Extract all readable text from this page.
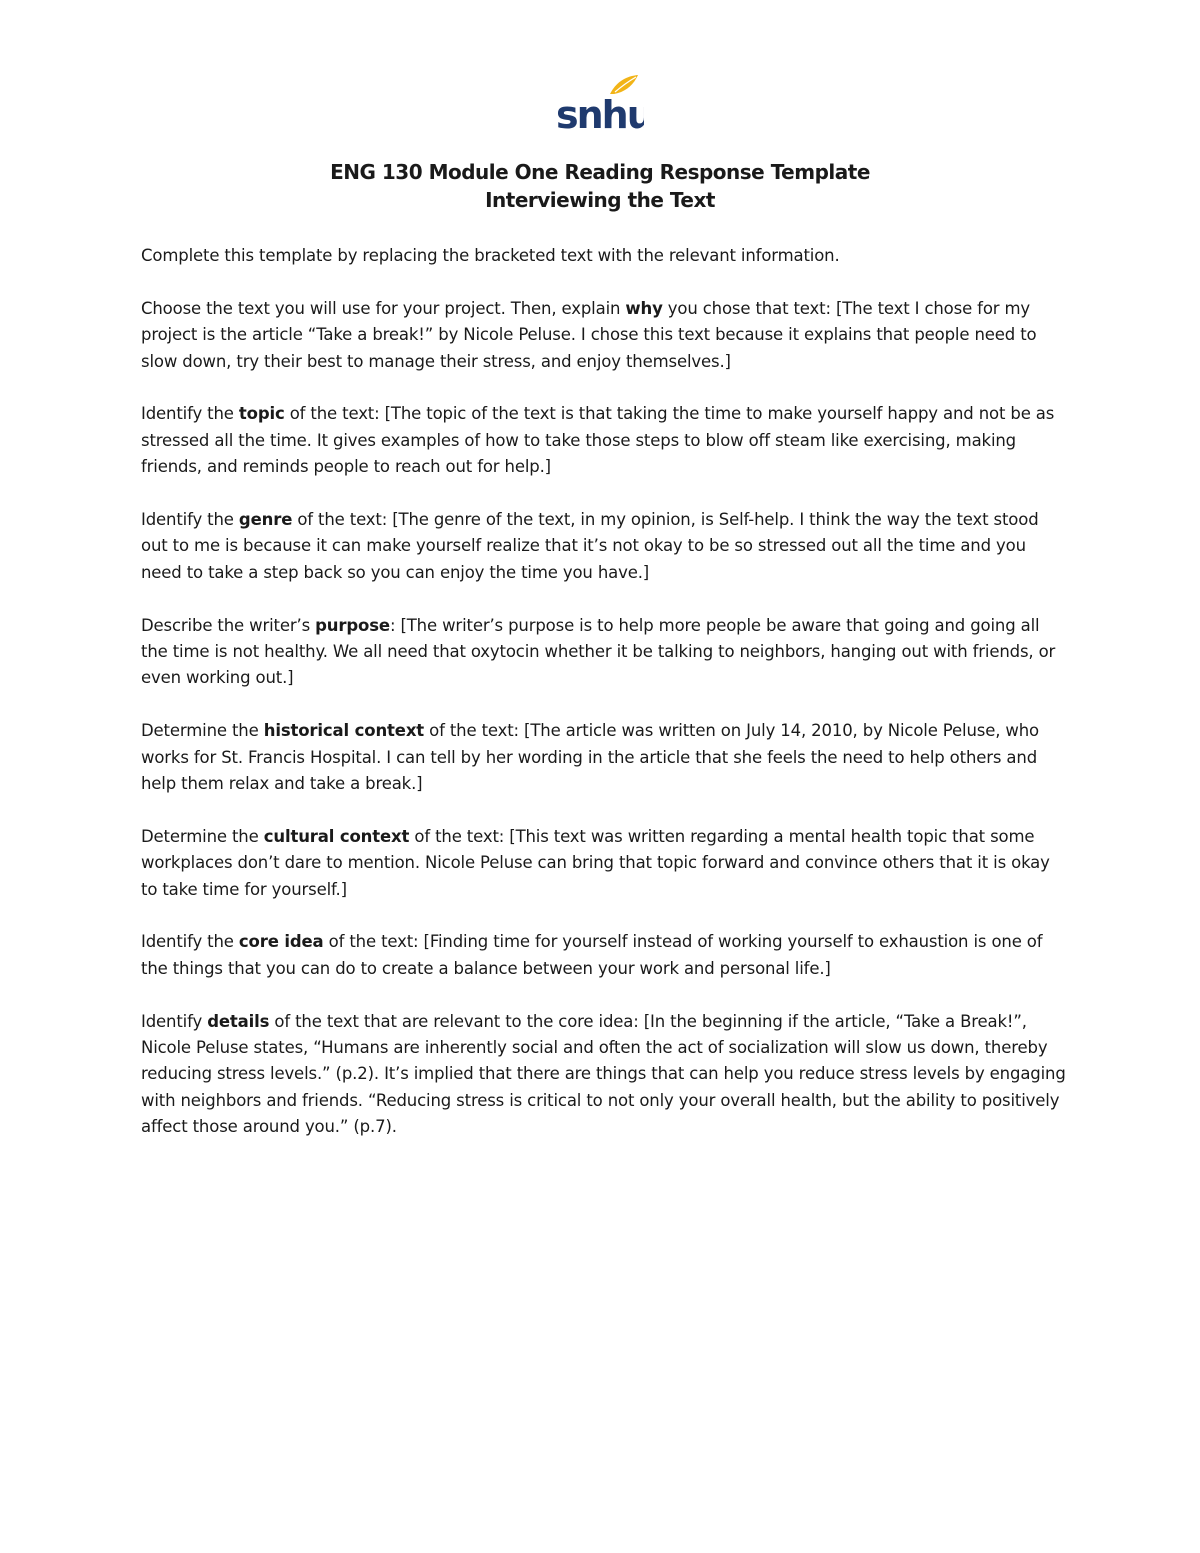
snhu
ENG 130 Module One Reading Response Template
Interviewing the Text

Complete this template by replacing the bracketed text with the relevant information.

Choose the text you will use for your project. Then, explain why you chose that text: [The text I chose for my project is the article “Take a break!” by Nicole Peluse. I chose this text because it explains that people need to slow down, try their best to manage their stress, and enjoy themselves.]

Identify the topic of the text: [The topic of the text is that taking the time to make yourself happy and not be as stressed all the time. It gives examples of how to take those steps to blow off steam like exercising, making friends, and reminds people to reach out for help.]

Identify the genre of the text: [The genre of the text, in my opinion, is Self-help. I think the way the text stood out to me is because it can make yourself realize that it’s not okay to be so stressed out all the time and you need to take a step back so you can enjoy the time you have.]

Describe the writer’s purpose: [The writer’s purpose is to help more people be aware that going and going all the time is not healthy. We all need that oxytocin whether it be talking to neighbors, hanging out with friends, or even working out.]

Determine the historical context of the text: [The article was written on July 14, 2010, by Nicole Peluse, who works for St. Francis Hospital. I can tell by her wording in the article that she feels the need to help others and help them relax and take a break.]

Determine the cultural context of the text: [This text was written regarding a mental health topic that some workplaces don’t dare to mention. Nicole Peluse can bring that topic forward and convince others that it is okay to take time for yourself.]

Identify the core idea of the text: [Finding time for yourself instead of working yourself to exhaustion is one of the things that you can do to create a balance between your work and personal life.]

Identify details of the text that are relevant to the core idea: [In the beginning if the article, “Take a Break!”, Nicole Peluse states, “Humans are inherently social and often the act of socialization will slow us down, thereby reducing stress levels.” (p.2). It’s implied that there are things that can help you reduce stress levels by engaging with neighbors and friends. “Reducing stress is critical to not only your overall health, but the ability to positively affect those around you.” (p.7).
